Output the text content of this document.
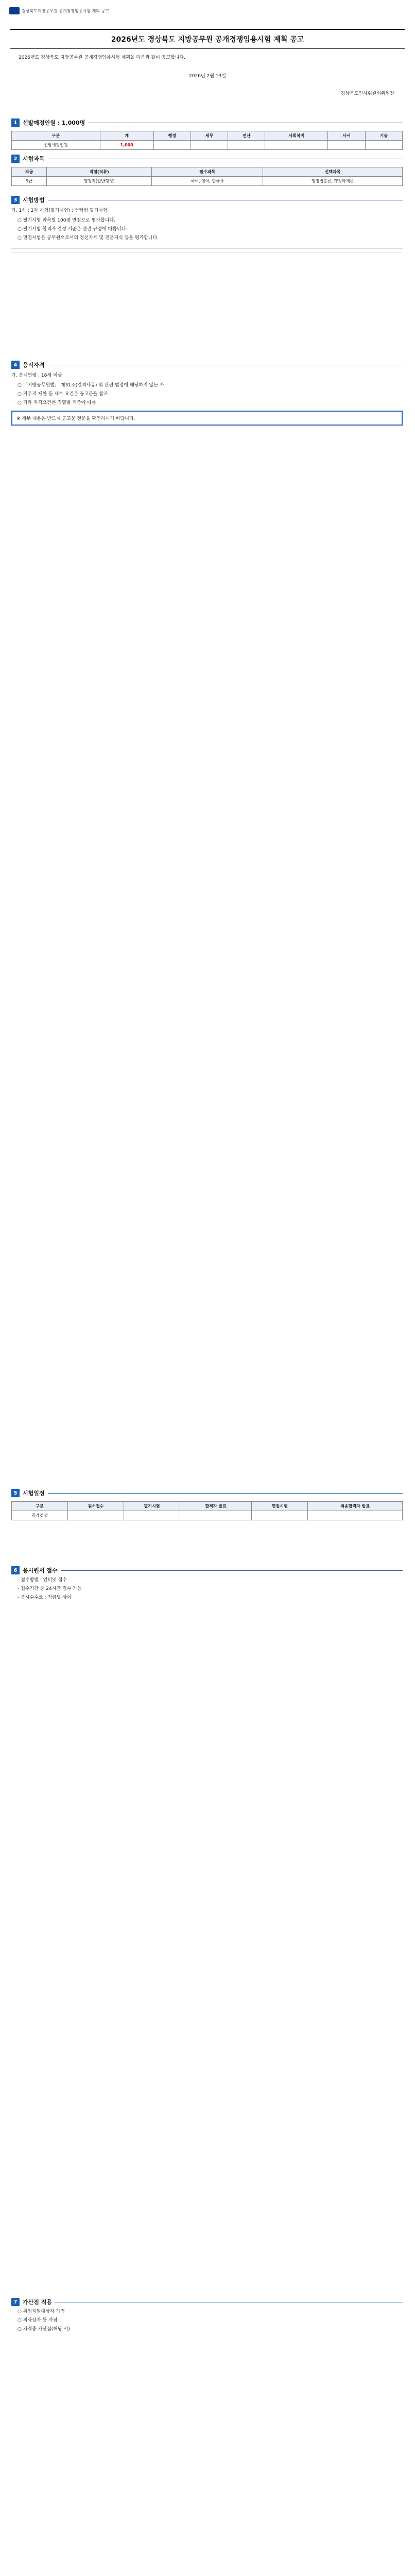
경상북도지방공무원 공개경쟁임용시험 계획 공고
2026년도 경상북도 지방공무원 공개경쟁임용시험 계획 공고
2026년도 경상북도 지방공무원 공개경쟁임용시험 계획을 다음과 같이 공고합니다.
2026년 2월 13일
경상북도인사위원회위원장
1 선발예정인원 : 1,000명
구분	계	행정	세무	전산	사회복지	사서	기술
선발예정인원	1,000						
2 시험과목
직급	직렬(직류)	필수과목	선택과목
9급	행정직(일반행정)	국어, 영어, 한국사	행정법총론, 행정학개론
3 시험방법

가. 1차 : 2차 시험(필기시험) : 선택형 필기시험

○ 필기시험 과목별 100점 만점으로 평가합니다.
○ 필기시험 합격자 결정 기준은 관련 규정에 따릅니다.
○ 면접시험은 공무원으로서의 정신자세 및 전문지식 등을 평가합니다.
4 응시자격

가. 응시연령 : 18세 이상

○ 「지방공무원법」 제31조(결격사유) 및 관련 법령에 해당하지 않는 자
○ 거주지 제한 등 세부 요건은 공고문을 참조
○ 기타 자격요건은 직렬별 기준에 따름
※ 세부 내용은 반드시 공고문 전문을 확인하시기 바랍니다.
5 시험일정
구분	원서접수	필기시험	합격자 발표	면접시험	최종합격자 발표
공개경쟁					
6 응시원서 접수
- 접수방법 : 인터넷 접수
- 접수기간 중 24시간 접수 가능
- 응시수수료 : 직급별 상이
7 가산점 적용
○ 취업지원대상자 가점
○ 의사상자 등 가점
○ 자격증 가산점(해당 시)
